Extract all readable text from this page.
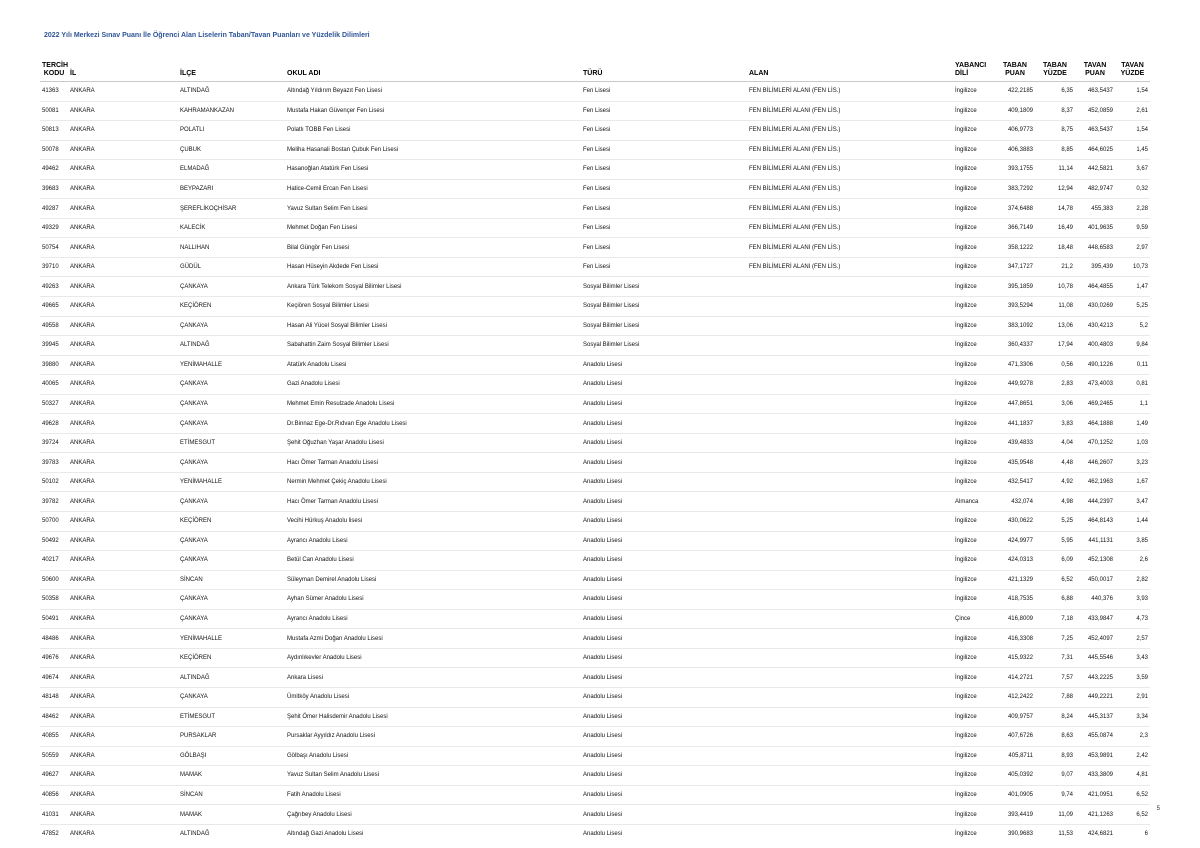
2022 Yılı Merkezi Sınav Puanı İle Öğrenci Alan Liselerin Taban/Tavan Puanları ve Yüzdelik Dilimleri
TERCİH KODU	İL	İLÇE	OKUL ADI	TÜRÜ	ALAN	YABANCI DİLİ	TABAN PUAN	TABAN YÜZDE	TAVAN PUAN	TAVAN YÜZDE
41363	ANKARA	ALTINDAĞ	Altındağ Yıldırım Beyazıt Fen Lisesi	Fen Lisesi	FEN BİLİMLERİ ALANI (FEN LİS.)	İngilizce	422,2185	6,35	463,5437	1,54
50081	ANKARA	KAHRAMANKAZAN	Mustafa Hakan Güvençer Fen Lisesi	Fen Lisesi	FEN BİLİMLERİ ALANI (FEN LİS.)	İngilizce	409,1809	8,37	452,0859	2,61
50813	ANKARA	POLATLI	Polatlı TOBB Fen Lisesi	Fen Lisesi	FEN BİLİMLERİ ALANI (FEN LİS.)	İngilizce	406,9773	8,75	463,5437	1,54
50078	ANKARA	ÇUBUK	Meliha Hasanali Bostan Çubuk Fen Lisesi	Fen Lisesi	FEN BİLİMLERİ ALANI (FEN LİS.)	İngilizce	406,3883	8,85	464,6025	1,45
49462	ANKARA	ELMADAĞ	Hasanoğlan Atatürk Fen Lisesi	Fen Lisesi	FEN BİLİMLERİ ALANI (FEN LİS.)	İngilizce	393,1755	11,14	442,5821	3,67
39683	ANKARA	BEYPAZARI	Hatice-Cemil Ercan Fen Lisesi	Fen Lisesi	FEN BİLİMLERİ ALANI (FEN LİS.)	İngilizce	383,7292	12,94	482,9747	0,32
49287	ANKARA	ŞEREFLİKOÇHİSAR	Yavuz Sultan Selim Fen Lisesi	Fen Lisesi	FEN BİLİMLERİ ALANI (FEN LİS.)	İngilizce	374,6488	14,78	455,383	2,28
49329	ANKARA	KALECİK	Mehmet Doğan Fen Lisesi	Fen Lisesi	FEN BİLİMLERİ ALANI (FEN LİS.)	İngilizce	366,7149	16,49	401,9635	9,59
50754	ANKARA	NALLIHAN	Bilal Güngör Fen Lisesi	Fen Lisesi	FEN BİLİMLERİ ALANI (FEN LİS.)	İngilizce	358,1222	18,48	448,6583	2,97
39710	ANKARA	GÜDÜL	Hasan Hüseyin Akdede Fen Lisesi	Fen Lisesi	FEN BİLİMLERİ ALANI (FEN LİS.)	İngilizce	347,1727	21,2	395,439	10,73
49263	ANKARA	ÇANKAYA	Ankara Türk Telekom Sosyal Bilimler Lisesi	Sosyal Bilimler Lisesi		İngilizce	395,1859	10,78	464,4855	1,47
49665	ANKARA	KEÇİÖREN	Keçiören Sosyal Bilimler Lisesi	Sosyal Bilimler Lisesi		İngilizce	393,5294	11,08	430,0269	5,25
49558	ANKARA	ÇANKAYA	Hasan Ali Yücel Sosyal Bilimler Lisesi	Sosyal Bilimler Lisesi		İngilizce	383,1092	13,06	430,4213	5,2
39945	ANKARA	ALTINDAĞ	Sabahattin Zaim Sosyal Bilimler Lisesi	Sosyal Bilimler Lisesi		İngilizce	360,4337	17,94	400,4803	9,84
39880	ANKARA	YENİMAHALLE	Atatürk Anadolu Lisesi	Anadolu Lisesi		İngilizce	471,3306	0,56	490,1226	0,11
40065	ANKARA	ÇANKAYA	Gazi Anadolu Lisesi	Anadolu Lisesi		İngilizce	449,9278	2,83	473,4003	0,81
50327	ANKARA	ÇANKAYA	Mehmet Emin Resulzade Anadolu Lisesi	Anadolu Lisesi		İngilizce	447,8651	3,06	469,2465	1,1
49628	ANKARA	ÇANKAYA	Dr.Binnaz Ege-Dr.Rıdvan Ege Anadolu Lisesi	Anadolu Lisesi		İngilizce	441,1837	3,83	464,1888	1,49
39724	ANKARA	ETİMESGUT	Şehit Oğuzhan Yaşar Anadolu Lisesi	Anadolu Lisesi		İngilizce	439,4833	4,04	470,1252	1,03
39783	ANKARA	ÇANKAYA	Hacı Ömer Tarman Anadolu Lisesi	Anadolu Lisesi		İngilizce	435,9548	4,48	446,2607	3,23
50102	ANKARA	YENİMAHALLE	Nermin Mehmet Çekiç Anadolu Lisesi	Anadolu Lisesi		İngilizce	432,5417	4,92	462,1963	1,67
39782	ANKARA	ÇANKAYA	Hacı Ömer Tarman Anadolu Lisesi	Anadolu Lisesi		Almanca	432,074	4,98	444,2397	3,47
50700	ANKARA	KEÇİÖREN	Vecihi Hürkuş Anadolu lisesi	Anadolu Lisesi		İngilizce	430,0622	5,25	464,8143	1,44
50492	ANKARA	ÇANKAYA	Ayrancı Anadolu Lisesi	Anadolu Lisesi		İngilizce	424,9977	5,95	441,1131	3,85
40217	ANKARA	ÇANKAYA	Betül Can Anadolu Lisesi	Anadolu Lisesi		İngilizce	424,0313	6,09	452,1308	2,6
50600	ANKARA	SİNCAN	Süleyman Demirel Anadolu Lisesi	Anadolu Lisesi		İngilizce	421,1329	6,52	450,0017	2,82
50358	ANKARA	ÇANKAYA	Ayhan Sümer Anadolu Lisesi	Anadolu Lisesi		İngilizce	418,7535	6,88	440,376	3,93
50491	ANKARA	ÇANKAYA	Ayrancı Anadolu Lisesi	Anadolu Lisesi		Çince	416,8009	7,18	433,9847	4,73
48486	ANKARA	YENİMAHALLE	Mustafa Azmi Doğan Anadolu Lisesi	Anadolu Lisesi		İngilizce	416,3308	7,25	452,4097	2,57
49676	ANKARA	KEÇİÖREN	Aydınlıkevler Anadolu Lisesi	Anadolu Lisesi		İngilizce	415,9322	7,31	445,5546	3,43
49674	ANKARA	ALTINDAĞ	Ankara Lisesi	Anadolu Lisesi		İngilizce	414,2721	7,57	443,2225	3,59
48148	ANKARA	ÇANKAYA	Ümitköy Anadolu Lisesi	Anadolu Lisesi		İngilizce	412,2422	7,88	449,2221	2,91
48462	ANKARA	ETİMESGUT	Şehit Ömer Halisdemir Anadolu Lisesi	Anadolu Lisesi		İngilizce	409,9757	8,24	445,3137	3,34
40855	ANKARA	PURSAKLAR	Pursaklar Ayyıldız Anadolu Lisesi	Anadolu Lisesi		İngilizce	407,6726	8,63	455,0874	2,3
50559	ANKARA	GÖLBAŞI	Gölbaşı Anadolu Lisesi	Anadolu Lisesi		İngilizce	405,8711	8,93	453,9891	2,42
49627	ANKARA	MAMAK	Yavuz Sultan Selim Anadolu Lisesi	Anadolu Lisesi		İngilizce	405,0392	9,07	433,3809	4,81
40856	ANKARA	SİNCAN	Fatih Anadolu Lisesi	Anadolu Lisesi		İngilizce	401,0905	9,74	421,0951	6,52
41031	ANKARA	MAMAK	Çağrıbey Anadolu Lisesi	Anadolu Lisesi		İngilizce	393,4419	11,09	421,1263	6,52
47852	ANKARA	ALTINDAĞ	Altındağ Gazi Anadolu Lisesi	Anadolu Lisesi		İngilizce	390,9683	11,53	424,6821	6
5
